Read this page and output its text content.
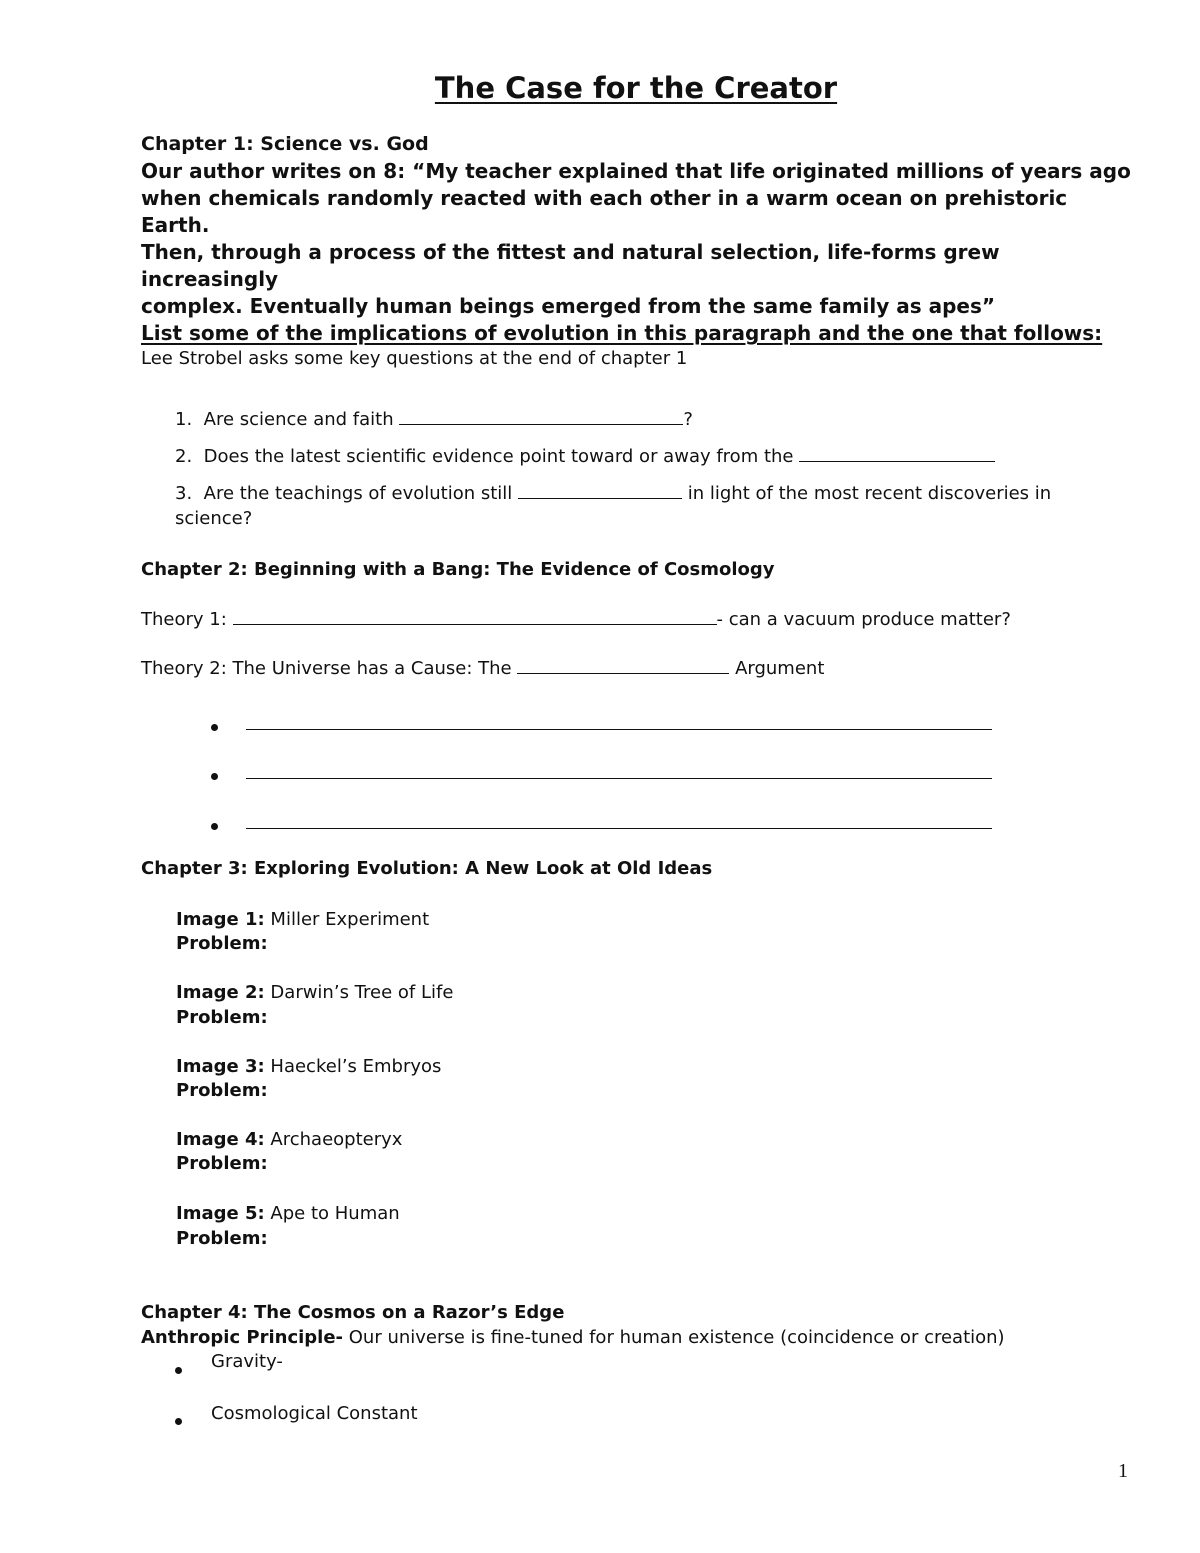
The Case for the Creator
Chapter 1: Science vs. God
Our author writes on 8: “My teacher explained that life originated millions of years ago
when chemicals randomly reacted with each other in a warm ocean on prehistoric Earth.
Then, through a process of the fittest and natural selection, life-forms grew increasingly
complex. Eventually human beings emerged from the same family as apes”
List some of the implications of evolution in this paragraph and the one that follows:
Lee Strobel asks some key questions at the end of chapter 1
1. Are science and faith	?
2. Does the latest scientific evidence point toward or away from the
3. Are the teachings of evolution still	in light of the most recent discoveries in
science?
Chapter 2: Beginning with a Bang: The Evidence of Cosmology
Theory 1:	- can a vacuum produce matter?
Theory 2: The Universe has a Cause: The	Argument
Chapter 3: Exploring Evolution: A New Look at Old Ideas
Image 1: Miller Experiment
Problem:
Image 2: Darwin’s Tree of Life
Problem:
Image 3: Haeckel’s Embryos
Problem:
Image 4: Archaeopteryx
Problem:
Image 5: Ape to Human
Problem:
Chapter 4: The Cosmos on a Razor’s Edge
Anthropic Principle- Our universe is fine-tuned for human existence (coincidence or creation)
Gravity-
Cosmological Constant
1
